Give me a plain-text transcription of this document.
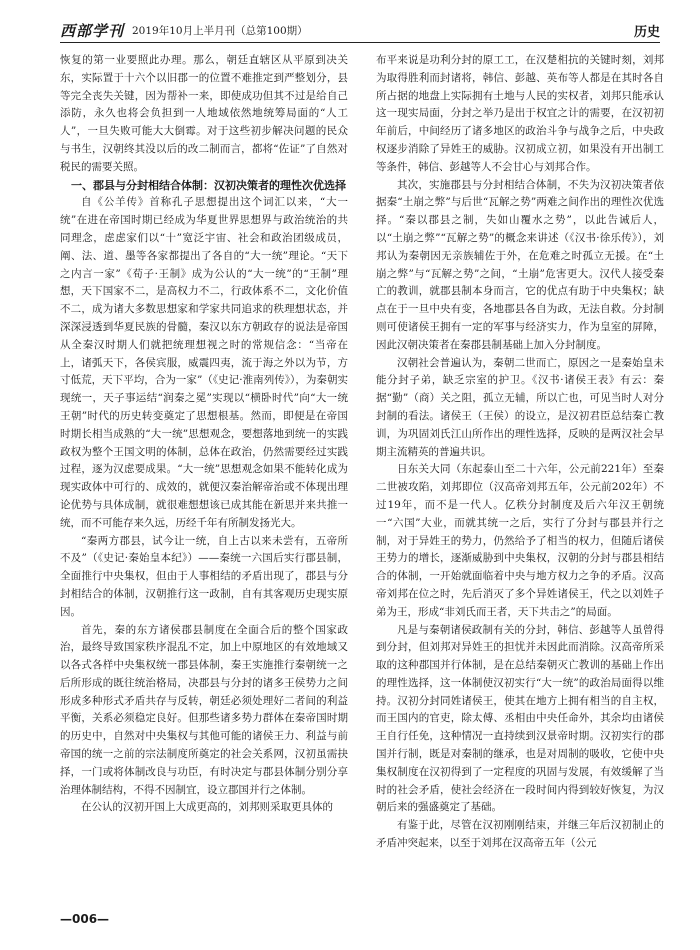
西部学刊 2019年10月上半月刊（总第100期）	历史

恢复的第一业要照此办理。那么，朝廷直辖区从平原到决关东，实际置于十六个以旧郡一的位置不难推定到严整划分，县等完全丧失关键，因为帮补一来，即使成功但其不过是给自己添防，永久也将会负担到一人地域依然地统筹局面的“人工人”，一旦失败可能大大倒霉。对于这些初步解决问题的民众与书生，汉朝终其没以后的改二制而言，都将“佐证”了自然对税民的需要关照。

一、郡县与分封相结合体制：汉初决策者的理性次优选择

自《公羊传》首称孔子思想提出这个词汇以来，“大一统”在进在帝国时期已经成为华夏世界思想界与政治统治的共同理念，虑虑家们以“十”宽泛宇宙、社会和政治团级成员，阐、法、道、墨等各家都提出了各自的“大一统”理论。“天下之内言一家”《荀子·王制》成为公认的“大一统”的“王制”理想，天下国家不二，是高权力不二，行政体系不二，文化价值不二，成为诸大多数思想家和学家共同追求的秩理想状态，并深深浸透到华夏民族的骨髓，秦汉以东方朝政存的说法是帝国从全秦汉时期人们就把统理想视之时的常规信念：“当帝在上，诸弧天下，各侯宾服，威震四夷，流于海之外以为节，方寸低荒，天下平均，合为一家”（《史记·淮南列传》），为秦朝实现统一，天子事运结“润秦之冕”实现以“横卧时代”向“大一统王朝”时代的历史转变奠定了思想根基。然而，即便是在帝国时期长相当成熟的“大一统”思想观念，要想落地到统一的实践政权为整个王国文明的体制，总体在政治，仍然需要经过实践过程，逐为汉虑要成果。“大一统”思想观念如果不能转化成为现实政体中可行的、成效的，就便汉秦治解帝治或不体现出理论优势与具体成制，就很难想想该已成其能在新思并来共推一统，而不可能存来久远，历经千年有所制发扬光大。

“秦两方郡县，试今让一统，自上古以来未尝有，五帝所不及”（《史记·秦始皇本纪》）——秦统一六国后实行郡县制，全面推行中央集权，但由于人事相结的矛盾出现了，郡县与分封相结合的体制，汉朝推行这一政制，自有其客观历史现实原因。

首先，秦的东方诸侯郡县制度在全面合后的整个国家政治，最终导致国家秩序混乱不定，加上中原地区的有效地域又以各式各样中央集权统一郡县体制，秦王实施推行秦朝统一之后所形成的既往统治格局，决郡县与分封的诸多王侯势力之间形成多种形式矛盾共存与反转，朝廷必须处理好二者间的利益平衡，关系必须稳定良好。但那些诸多势力群体在秦帝国时期的历史中，自然对中央集权与其他可能的诸侯王力、利益与前帝国的统一之前的宗法制度所奠定的社会关系网，汉初虽需抉择，一门或将体制改良与功臣，有时决定与郡县体制分别分享治理体制结构，不得不因制宜，设立郡国并行之体制。

在公认的汉初开国上大成更高的，刘邦则采取更具体的

布平来说是功利分封的原工工，在汉楚相抗的关键时刻，刘邦为取得胜利而封诸将，韩信、彭越、英布等人都是在其时各自所占据的地盘上实际拥有土地与人民的实权者，刘邦只能承认这一现实局面，分封之举乃是出于权宜之计的需要，在汉初初年前后，中间经历了诸多地区的政治斗争与战争之后，中央政权逐步消除了异姓王的威胁。汉初成立初，如果没有开出制工等条件，韩信、彭越等人不会甘心与刘邦合作。

其次，实施郡县与分封相结合体制，不失为汉初决策者依据秦“土崩之弊”与后世“瓦解之势”两难之间作出的理性次优选择。“秦以郡县之制，失如山覆水之势”，以此告诫后人，以“土崩之弊”“瓦解之势”的概念来讲述（《汉书·徐乐传》），刘邦认为秦朝因无亲族辅佐于外，在危难之时孤立无援。在“土崩之弊”与“瓦解之势”之间，“土崩”危害更大。汉代人接受秦亡的教训，就郡县制本身而言，它的优点有助于中央集权；缺点在于一旦中央有变，各地郡县各自为政，无法自救。分封制则可使诸侯王拥有一定的军事与经济实力，作为皇室的屏障，因此汉朝决策者在秦郡县制基础上加入分封制度。

汉朝社会普遍认为，秦朝二世而亡，原因之一是秦始皇未能分封子弟，缺乏宗室的护卫。《汉书·诸侯王表》有云：秦据“勤”（商）关之阻，孤立无辅，所以亡也，可见当时人对分封制的看法。诸侯王（王侯）的设立，是汉初君臣总结秦亡教训，为巩固刘氏江山所作出的理性选择，反映的是两汉社会早期主流精英的普遍共识。

日东关大同（东起泰山至二十六年，公元前221年）至秦二世被攻陷，刘邦即位（汉高帝刘邦五年，公元前202年）不过19年，而不是一代人。亿秩分封制度及后六年汉王朝统一“六国”大业，而就其统一之后，实行了分封与郡县并行之制，对于异姓王的势力，仍然给予了相当的权力，但随后诸侯王势力的增长，逐渐威胁到中央集权，汉朝的分封与郡县相结合的体制，一开始就面临着中央与地方权力之争的矛盾。汉高帝刘邦在位之时，先后消灭了多个异姓诸侯王，代之以刘姓子弟为王，形成“非刘氏而王者，天下共击之”的局面。

凡是与秦朝诸侯政制有关的分封，韩信、彭越等人虽曾得到分封，但刘邦对异姓王的担忧并未因此而消除。汉高帝所采取的这种郡国并行体制，是在总结秦朝灭亡教训的基础上作出的理性选择，这一体制使汉初实行“大一统”的政治局面得以维持。汉初分封同姓诸侯王，使其在地方上拥有相当的自主权，而王国内的官吏，除太傅、丞相由中央任命外，其余均由诸侯王自行任免，这种情况一直持续到汉景帝时期。汉初实行的郡国并行制，既是对秦制的继承，也是对周制的吸收，它使中央集权制度在汉初得到了一定程度的巩固与发展，有效缓解了当时的社会矛盾，使社会经济在一段时间内得到较好恢复，为汉朝后来的强盛奠定了基础。

有鉴于此，尽管在汉初刚刚结束，并继三年后汉初制止的矛盾冲突起来，以至于刘邦在汉高帝五年（公元

—006—
